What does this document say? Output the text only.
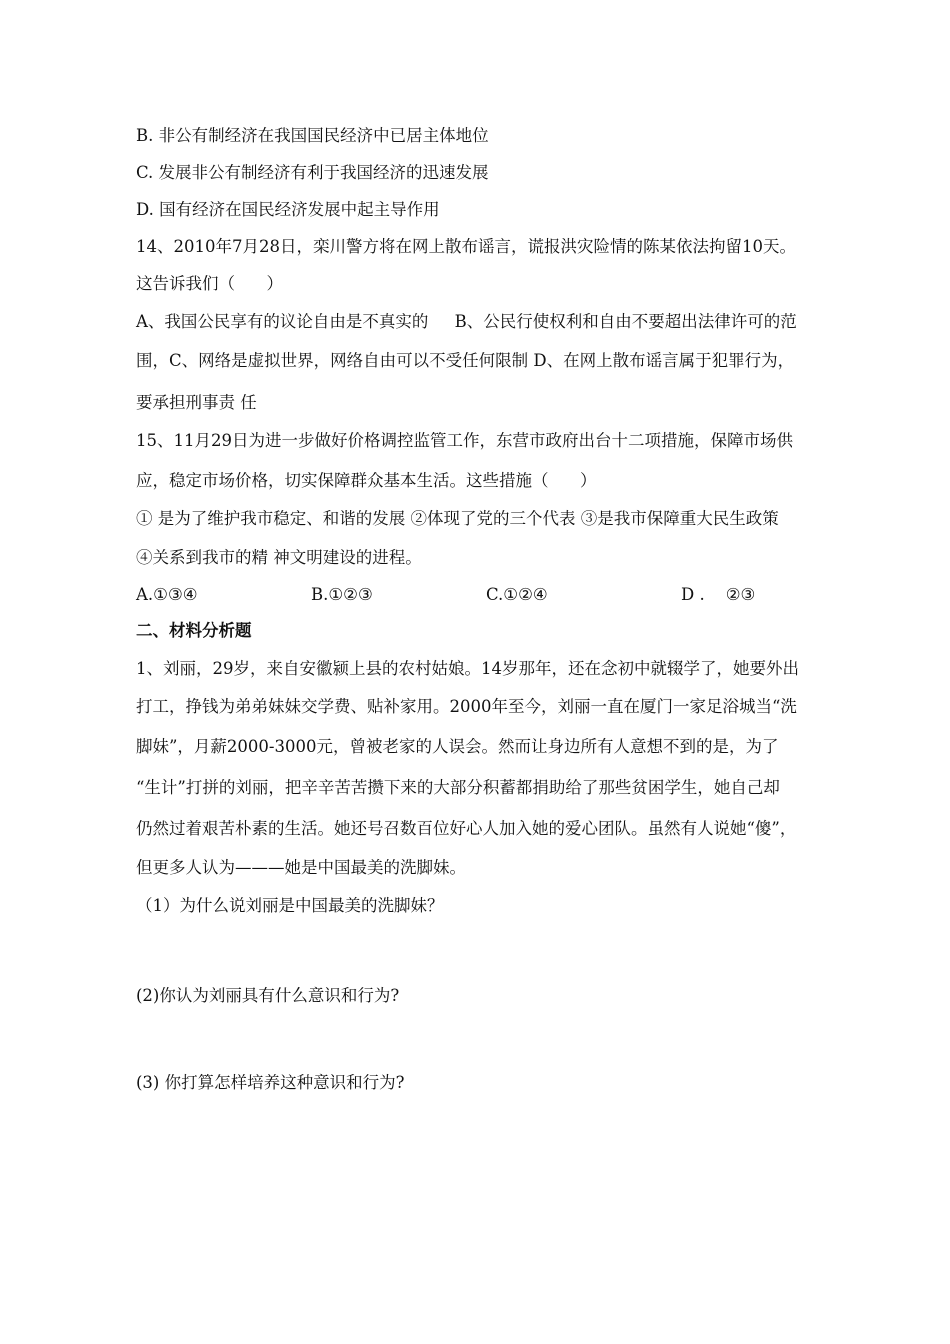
B. 非公有制经济在我国国民经济中已居主体地位
C. 发展非公有制经济有利于我国经济的迅速发展
D. 国有经济在国民经济发展中起主导作用
14、2010年7月28日，栾川警方将在网上散布谣言，谎报洪灾险情的陈某依法拘留10天。
这告诉我们（      ）
A、我国公民享有的议论自由是不真实的     B、公民行使权利和自由不要超出法律许可的范
围，C、网络是虚拟世界，网络自由可以不受任何限制 D、在网上散布谣言属于犯罪行为，
要承担刑事责 任
15、11月29日为进一步做好价格调控监管工作，东营市政府出台十二项措施，保障市场供
应，稳定市场价格，切实保障群众基本生活。这些措施（      ）
① 是为了维护我市稳定、和谐的发展 ②体现了党的三个代表 ③是我市保障重大民生政策
④关系到我市的精 神文明建设的进程。
A.①③④	B.①②③	C.①②④	D .    ②③
二、材料分析题
1、刘丽，29岁，来自安徽颍上县的农村姑娘。14岁那年，还在念初中就辍学了，她要外出
打工，挣钱为弟弟妹妹交学费、贴补家用。2000年至今，刘丽一直在厦门一家足浴城当“洗
脚妹”，月薪2000-3000元，曾被老家的人误会。然而让身边所有人意想不到的是，为了
“生计”打拼的刘丽，把辛辛苦苦攒下来的大部分积蓄都捐助给了那些贫困学生，她自己却
仍然过着艰苦朴素的生活。她还号召数百位好心人加入她的爱心团队。虽然有人说她“傻”，
但更多人认为———她是中国最美的洗脚妹。
（1）为什么说刘丽是中国最美的洗脚妹？
(2)你认为刘丽具有什么意识和行为?
(3) 你打算怎样培养这种意识和行为?
